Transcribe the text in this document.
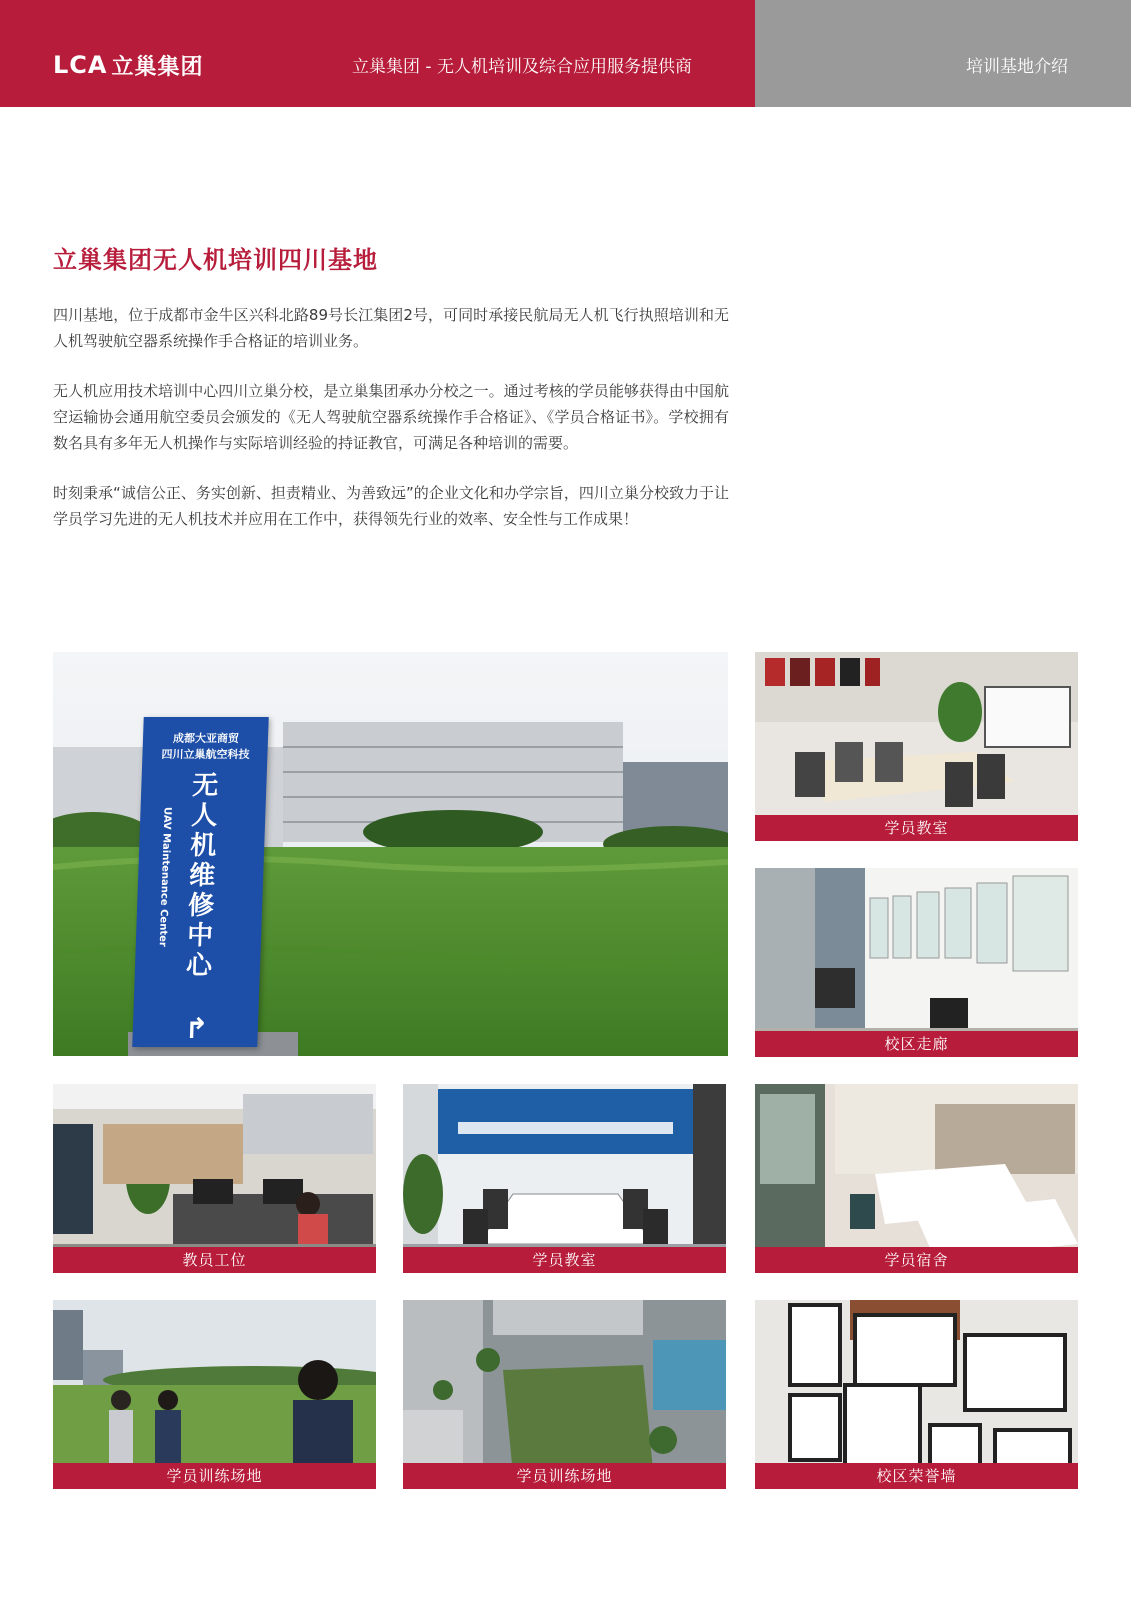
LCA 立巢集团	立巢集团 - 无人机培训及综合应用服务提供商	培训基地介绍
立巢集团无人机培训四川基地

四川基地，位于成都市金牛区兴科北路89号长江集团2号，可同时承接民航局无人机飞行执照培训和无人机驾驶航空器系统操作手合格证的培训业务。

无人机应用技术培训中心四川立巢分校，是立巢集团承办分校之一。通过考核的学员能够获得由中国航空运输协会通用航空委员会颁发的《无人驾驶航空器系统操作手合格证》、《学员合格证书》。学校拥有数名具有多年无人机操作与实际培训经验的持证教官，可满足各种培训的需要。

时刻秉承“诚信公正、务实创新、担责精业、为善致远”的企业文化和办学宗旨，四川立巢分校致力于让学员学习先进的无人机技术并应用在工作中，获得领先行业的效率、安全性与工作成果！

成都大亚商贸
四川立巢航空科技
无人机维修中心
UAV Maintenance Center
↱
学员教室
校区走廊
教员工位	学员教室	学员宿舍
学员训练场地	学员训练场地	校区荣誉墙
